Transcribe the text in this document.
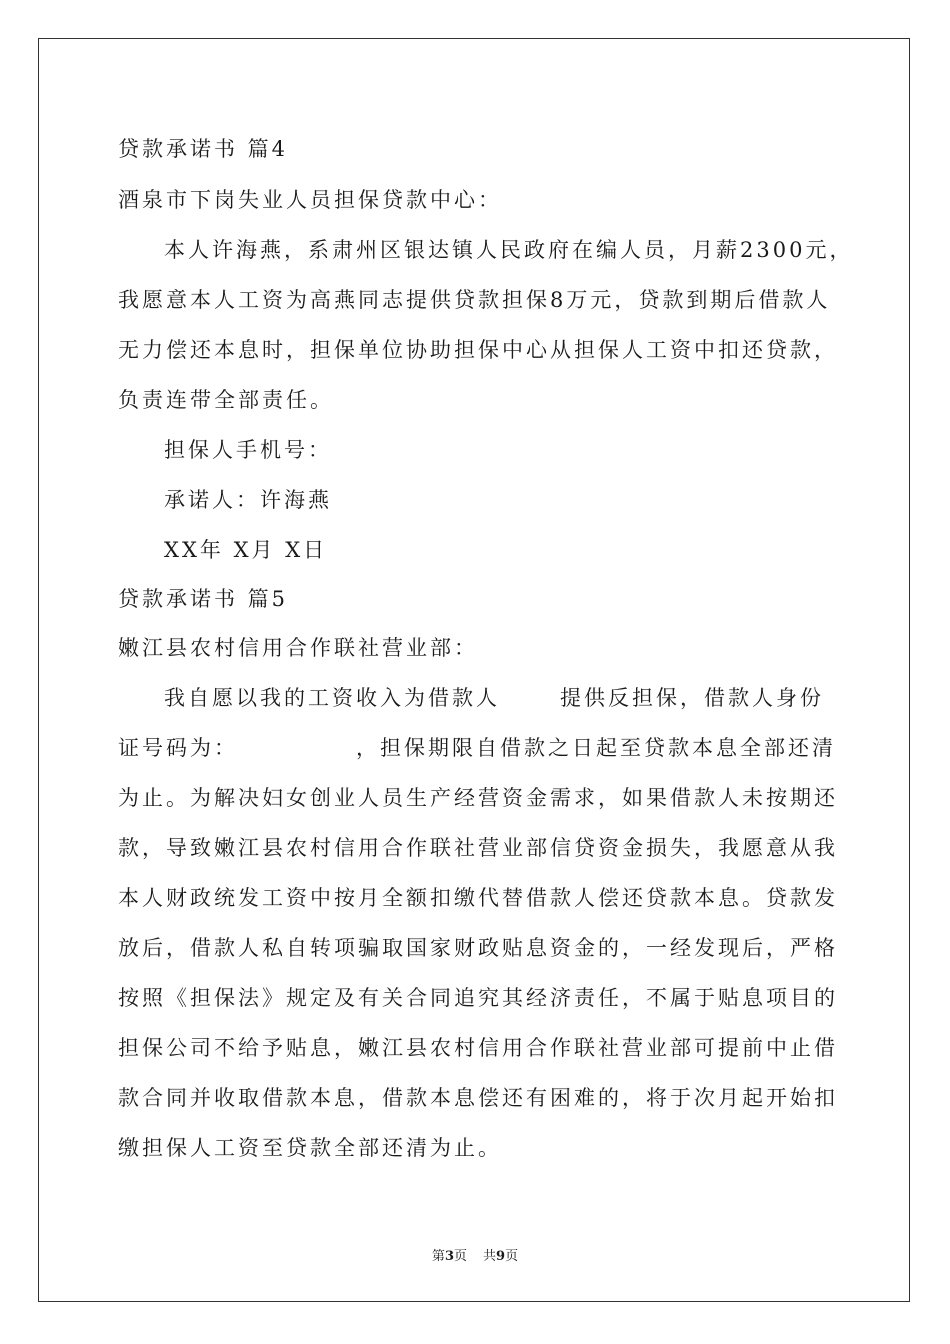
贷款承诺书 篇4
酒泉市下岗失业人员担保贷款中心：
本人许海燕，系肃州区银达镇人民政府在编人员，月薪2300元，
我愿意本人工资为高燕同志提供贷款担保8万元，贷款到期后借款人
无力偿还本息时，担保单位协助担保中心从担保人工资中扣还贷款，
负责连带全部责任。
担保人手机号：
承诺人：许海燕
XX年 X月 X日
贷款承诺书 篇5
嫩江县农村信用合作联社营业部：
我自愿以我的工资收入为借款人	提供反担保，借款人身份
证号码为：	，担保期限自借款之日起至贷款本息全部还清
为止。为解决妇女创业人员生产经营资金需求，如果借款人未按期还
款，导致嫩江县农村信用合作联社营业部信贷资金损失，我愿意从我
本人财政统发工资中按月全额扣缴代替借款人偿还贷款本息。贷款发
放后，借款人私自转项骗取国家财政贴息资金的，一经发现后，严格
按照《担保法》规定及有关合同追究其经济责任，不属于贴息项目的
担保公司不给予贴息，嫩江县农村信用合作联社营业部可提前中止借
款合同并收取借款本息，借款本息偿还有困难的，将于次月起开始扣
缴担保人工资至贷款全部还清为止。
第3页 共9页
